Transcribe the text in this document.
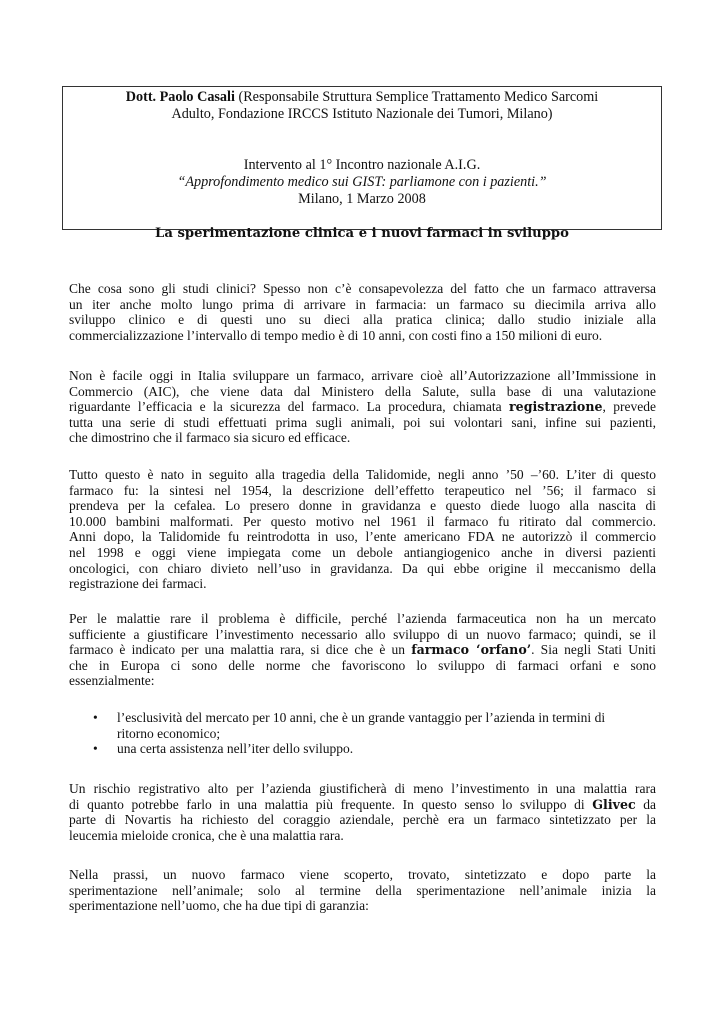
Dott. Paolo Casali (Responsabile Struttura Semplice Trattamento Medico Sarcomi
Adulto, Fondazione IRCCS Istituto Nazionale dei Tumori, Milano)
Intervento al 1° Incontro nazionale A.I.G.
“Approfondimento medico sui GIST: parliamone con i pazienti.”
Milano, 1 Marzo 2008
La sperimentazione clinica e i nuovi farmaci in sviluppo

Che cosa sono gli studi clinici? Spesso non c’è consapevolezza del fatto che un farmaco attraversa
un iter anche molto lungo prima di arrivare in farmacia: un farmaco su diecimila arriva allo
sviluppo clinico e di questi uno su dieci alla pratica clinica; dallo studio iniziale alla
commercializzazione l’intervallo di tempo medio è di 10 anni, con costi fino a 150 milioni di euro.

Non è facile oggi in Italia sviluppare un farmaco, arrivare cioè all’Autorizzazione all’Immissione in
Commercio (AIC), che viene data dal Ministero della Salute, sulla base di una valutazione
riguardante l’efficacia e la sicurezza del farmaco. La procedura, chiamata registrazione, prevede
tutta una serie di studi effettuati prima sugli animali, poi sui volontari sani, infine sui pazienti,
che dimostrino che il farmaco sia sicuro ed efficace.

Tutto questo è nato in seguito alla tragedia della Talidomide, negli anno ’50 –’60. L’iter di questo
farmaco fu: la sintesi nel 1954, la descrizione dell’effetto terapeutico nel ’56; il farmaco si
prendeva per la cefalea. Lo presero donne in gravidanza e questo diede luogo alla nascita di
10.000 bambini malformati. Per questo motivo nel 1961 il farmaco fu ritirato dal commercio.
Anni dopo, la Talidomide fu reintrodotta in uso, l’ente americano FDA ne autorizzò il commercio
nel 1998 e oggi viene impiegata come un debole antiangiogenico anche in diversi pazienti
oncologici, con chiaro divieto nell’uso in gravidanza. Da qui ebbe origine il meccanismo della
registrazione dei farmaci.

Per le malattie rare il problema è difficile, perché l’azienda farmaceutica non ha un mercato
sufficiente a giustificare l’investimento necessario allo sviluppo di un nuovo farmaco; quindi, se il
farmaco è indicato per una malattia rara, si dice che è un farmaco ‘orfano’. Sia negli Stati Uniti
che in Europa ci sono delle norme che favoriscono lo sviluppo di farmaci orfani e sono
essenzialmente:

• l’esclusività del mercato per 10 anni, che è un grande vantaggio per l’azienda in termini di
ritorno economico;
• una certa assistenza nell’iter dello sviluppo.

Un rischio registrativo alto per l’azienda giustificherà di meno l’investimento in una malattia rara
di quanto potrebbe farlo in una malattia più frequente. In questo senso lo sviluppo di Glivec da
parte di Novartis ha richiesto del coraggio aziendale, perchè era un farmaco sintetizzato per la
leucemia mieloide cronica, che è una malattia rara.

Nella prassi, un nuovo farmaco viene scoperto, trovato, sintetizzato e dopo parte la
sperimentazione nell’animale; solo al termine della sperimentazione nell’animale inizia la
sperimentazione nell’uomo, che ha due tipi di garanzia:
